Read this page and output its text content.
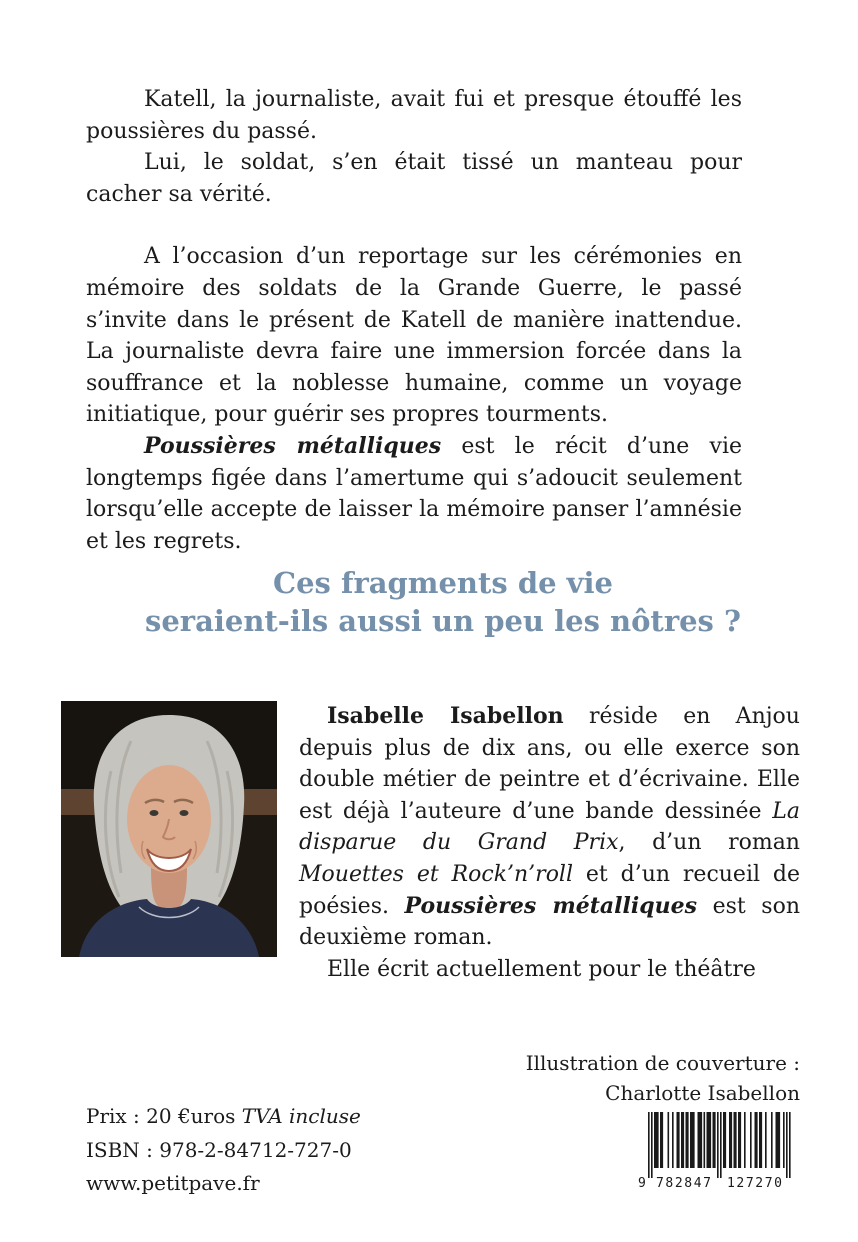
Katell, la journaliste, avait fui et presque étouffé les poussières du passé.

Lui, le soldat, s’en était tissé un manteau pour cacher sa vérité.

A l’occasion d’un reportage sur les cérémonies en mémoire des soldats de la Grande Guerre, le passé s’invite dans le présent de Katell de manière inattendue. La journaliste devra faire une immersion forcée dans la souffrance et la noblesse humaine, comme un voyage initiatique, pour guérir ses propres tourments.

Poussières métalliques est le récit d’une vie longtemps figée dans l’amertume qui s’adoucit seulement lorsqu’elle accepte de laisser la mémoire panser l’amnésie et les regrets.

Ces fragments de vie
seraient-ils aussi un peu les nôtres ?

Isabelle Isabellon réside en Anjou depuis plus de dix ans, ou elle exerce son double métier de peintre et d’écrivaine. Elle est déjà l’auteure d’une bande dessinée La disparue du Grand Prix, d’un roman Mouettes et Rock’n’roll et d’un recueil de poésies. Poussières métalliques est son deuxième roman.

Elle écrit actuellement pour le théâtre

Illustration de couverture :
Charlotte Isabellon
Prix : 20 €uros TVA incluse
ISBN : 978-2-84712-727-0
www.petitpave.fr	9 782847 127270
